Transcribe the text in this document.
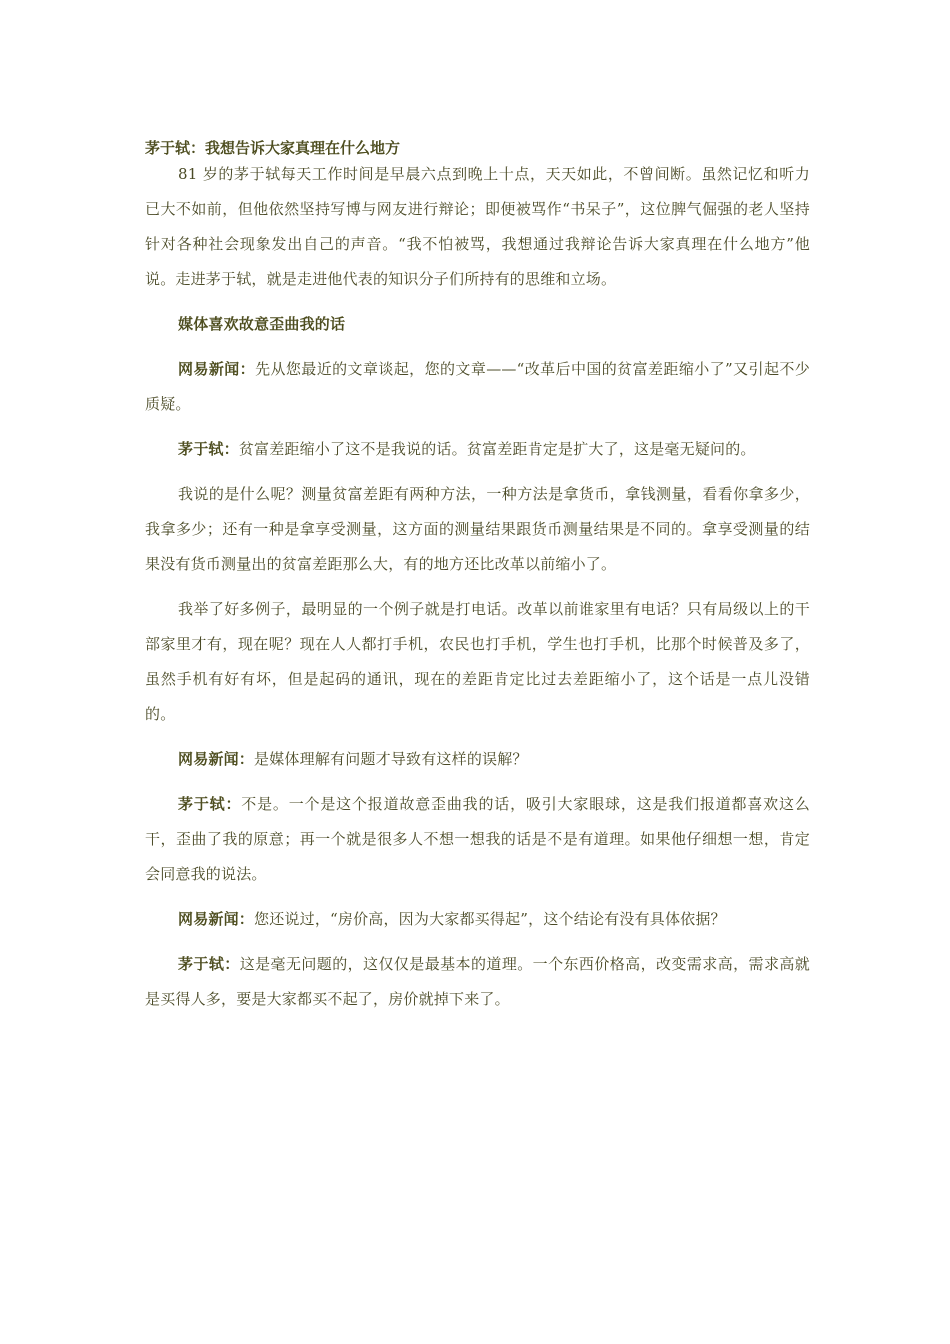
茅于轼：我想告诉大家真理在什么地方

81 岁的茅于轼每天工作时间是早晨六点到晚上十点，天天如此，不曾间断。虽然记忆和听力已大不如前，但他依然坚持写博与网友进行辩论；即便被骂作“书呆子”，这位脾气倔强的老人坚持针对各种社会现象发出自己的声音。“我不怕被骂，我想通过我辩论告诉大家真理在什么地方”他说。走进茅于轼，就是走进他代表的知识分子们所持有的思维和立场。

媒体喜欢故意歪曲我的话

网易新闻：先从您最近的文章谈起，您的文章——“改革后中国的贫富差距缩小了”又引起不少质疑。

茅于轼：贫富差距缩小了这不是我说的话。贫富差距肯定是扩大了，这是毫无疑问的。

我说的是什么呢？测量贫富差距有两种方法，一种方法是拿货币，拿钱测量，看看你拿多少，我拿多少；还有一种是拿享受测量，这方面的测量结果跟货币测量结果是不同的。拿享受测量的结果没有货币测量出的贫富差距那么大，有的地方还比改革以前缩小了。

我举了好多例子，最明显的一个例子就是打电话。改革以前谁家里有电话？只有局级以上的干部家里才有，现在呢？现在人人都打手机，农民也打手机，学生也打手机，比那个时候普及多了，虽然手机有好有坏，但是起码的通讯，现在的差距肯定比过去差距缩小了，这个话是一点儿没错的。

网易新闻：是媒体理解有问题才导致有这样的误解？

茅于轼：不是。一个是这个报道故意歪曲我的话，吸引大家眼球，这是我们报道都喜欢这么干，歪曲了我的原意；再一个就是很多人不想一想我的话是不是有道理。如果他仔细想一想，肯定会同意我的说法。

网易新闻：您还说过，“房价高，因为大家都买得起”，这个结论有没有具体依据？

茅于轼：这是毫无问题的，这仅仅是最基本的道理。一个东西价格高，改变需求高，需求高就是买得人多，要是大家都买不起了，房价就掉下来了。
